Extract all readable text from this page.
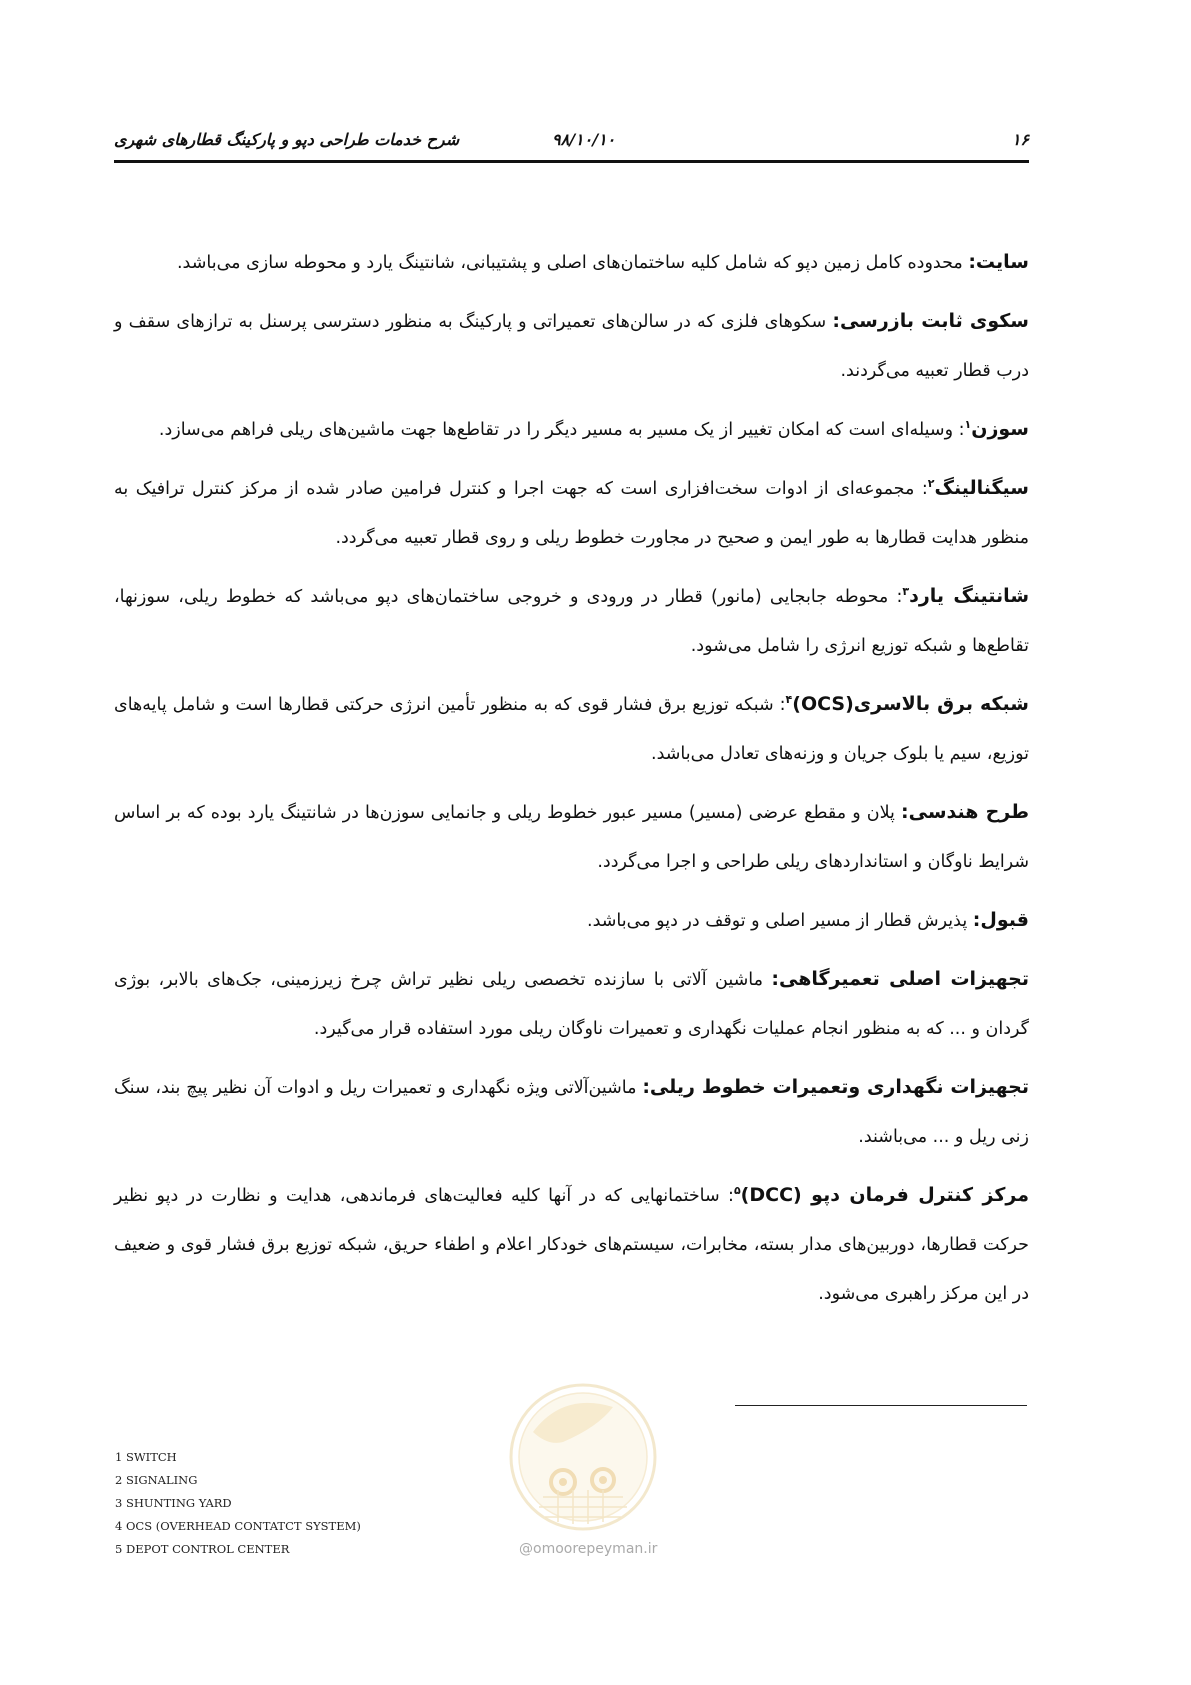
۱۶
۹۸/۱۰/۱۰
شرح خدمات طراحی دپو و پارکینگ قطارهای شهری

سایت: محدوده کامل زمین دپو که شامل کلیه ساختمان‌های اصلی و پشتیبانی، شانتینگ یارد و محوطه سازی می‌باشد.

سکوی ثابت بازرسی: سکوهای فلزی که در سالن‌های تعمیراتی و پارکینگ به منظور دسترسی پرسنل به ترازهای سقف و درب قطار تعبیه می‌گردند.

سوزن$^۱$: وسیله‌ای است که امکان تغییر از یک مسیر به مسیر دیگر را در تقاطع‌ها جهت ماشین‌های ریلی فراهم می‌سازد.

سیگنالینگ$^۲$: مجموعه‌ای از ادوات سخت‌افزاری است که جهت اجرا و کنترل فرامین صادر شده از مرکز کنترل ترافیک به منظور هدایت قطارها به طور ایمن و صحیح در مجاورت خطوط ریلی و روی قطار تعبیه می‌گردد.

شانتینگ یارد$^۳$: محوطه جابجایی (مانور) قطار در ورودی و خروجی ساختمان‌های دپو می‌باشد که خطوط ریلی، سوزنها، تقاطع‌ها و شبکه توزیع انرژی را شامل می‌شود.

شبکه برق بالاسری(OCS)$^۴$: شبکه توزیع برق فشار قوی که به منظور تأمین انرژی حرکتی قطارها است و شامل پایه‌های توزیع، سیم یا بلوک جریان و وزنه‌های تعادل می‌باشد.

طرح هندسی: پلان و مقطع عرضی (مسیر) مسیر عبور خطوط ریلی و جانمایی سوزن‌ها در شانتینگ یارد بوده که بر اساس شرایط ناوگان و استانداردهای ریلی طراحی و اجرا می‌گردد.

قبول: پذیرش قطار از مسیر اصلی و توقف در دپو می‌باشد.

تجهیزات اصلی تعمیرگاهی: ماشین آلاتی با سازنده تخصصی ریلی نظیر تراش چرخ زیرزمینی، جک‌های بالابر، بوژی گردان و ... که به منظور انجام عملیات نگهداری و تعمیرات ناوگان ریلی مورد استفاده قرار می‌گیرد.

تجهیزات نگهداری وتعمیرات خطوط ریلی: ماشین‌آلاتی ویژه نگهداری و تعمیرات ریل و ادوات آن نظیر پیچ بند، سنگ زنی ریل و ... می‌باشند.

مرکز کنترل فرمان دپو (DCC)$^۵$: ساختمانهایی که در آنها کلیه فعالیت‌های فرماندهی، هدایت و نظارت در دپو نظیر حرکت قطارها، دوربین‌های مدار بسته، مخابرات، سیستم‌های خودکار اعلام و اطفاء حریق، شبکه توزیع برق فشار قوی و ضعیف در این مرکز راهبری می‌شود.

1 SWITCH
2 SIGNALING
3 SHUNTING YARD
4 OCS (OVERHEAD CONTATCT SYSTEM)
5 DEPOT CONTROL CENTER	@omoorepeyman.ir
